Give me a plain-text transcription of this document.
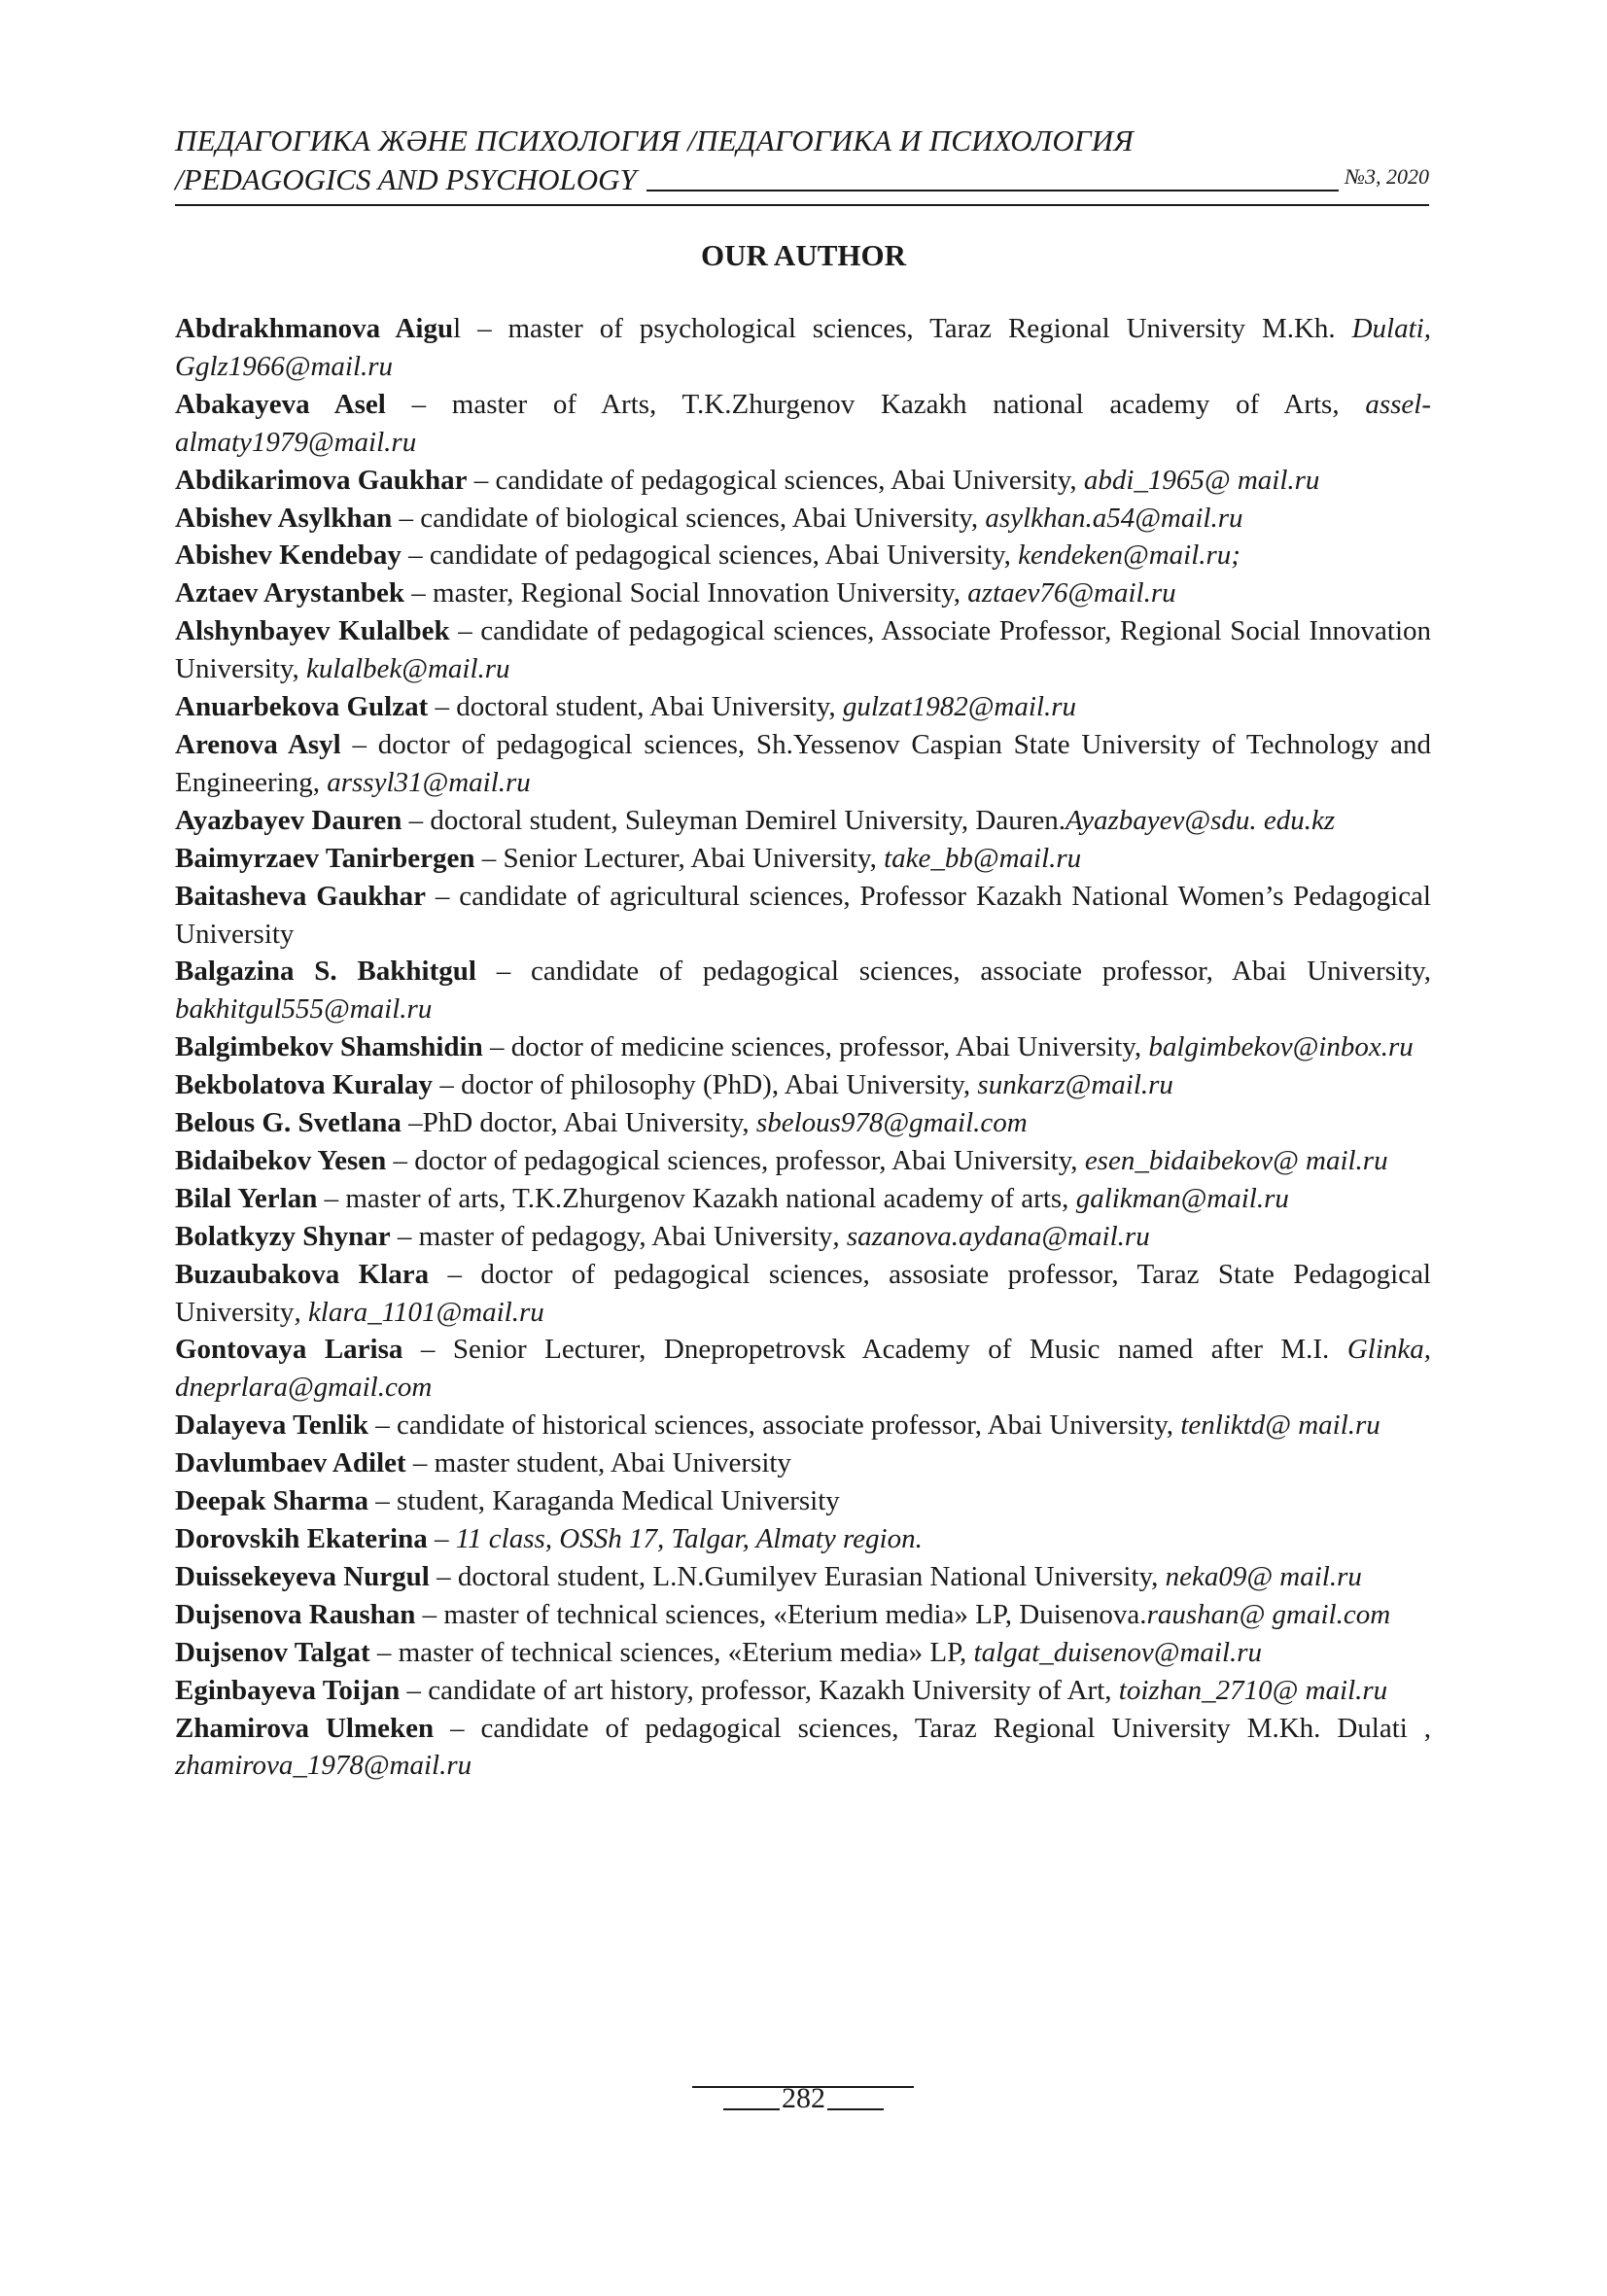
ПЕДАГОГИКА ЖӘНЕ ПСИХОЛОГИЯ /ПЕДАГОГИКА И ПСИХОЛОГИЯ
/PEDAGOGICS AND PSYCHOLOGY	№3, 2020
OUR AUTHOR

Abdrakhmanova Aigul – master of psychological sciences, Taraz Regional University M.Kh. Dulati, Gglz1966@mail.ru

Abakayeva Asel – master of Arts, T.K.Zhurgenov Kazakh national academy of Arts, assel-almaty1979@mail.ru

Abdikarimova Gaukhar – candidate of pedagogical sciences, Abai University, abdi_1965@ mail.ru

Abishev Asylkhan – candidate of biological sciences, Abai University, asylkhan.a54@mail.ru

Abishev Kendebay – candidate of pedagogical sciences, Abai University, kendeken@mail.ru;

Aztaev Arystanbek – master, Regional Social Innovation University, aztaev76@mail.ru

Alshynbayev Kulalbek – candidate of pedagogical sciences, Associate Professor, Regional Social Innovation University, kulalbek@mail.ru

Anuarbekova Gulzat – doctoral student, Abai University, gulzat1982@mail.ru

Arenova Asyl – doctor of pedagogical sciences, Sh.Yessenov Caspian State University of Technology and Engineering, arssyl31@mail.ru

Ayazbayev Dauren – doctoral student, Suleyman Demirel University, Dauren.Ayazbayev@sdu. edu.kz

Baimyrzaev Tanirbergen – Senior Lecturer, Abai University, take_bb@mail.ru

Baitasheva Gaukhar – candidate of agricultural sciences, Professor Kazakh National Women’s Pedagogical University

Balgazina S. Bakhitgul – candidate of pedagogical sciences, associate professor, Abai University, bakhitgul555@mail.ru

Balgimbekov Shamshidin – doctor of medicine sciences, professor, Abai University, balgimbekov@inbox.ru

Bekbolatova Kuralay – doctor of philosophy (PhD), Abai University, sunkarz@mail.ru

Belous G. Svetlana –PhD doctor, Abai University, sbelous978@gmail.com

Bidaibekov Yesen – doctor of pedagogical sciences, professor, Abai University, esen_bidaibekov@ mail.ru

Bilal Yerlan – master of arts, T.K.Zhurgenov Kazakh national academy of arts, galikman@mail.ru

Bolatkyzy Shynar – master of pedagogy, Abai University, sazanova.aydana@mail.ru

Buzaubakova Klara – doctor of pedagogical sciences, assosiate professor, Taraz State Pedagogical University, klara_1101@mail.ru

Gontovaya Larisa – Senior Lecturer, Dnepropetrovsk Academy of Music named after M.I. Glinka, dneprlara@gmail.com

Dalayeva Tenlik – candidate of historical sciences, associate professor, Abai University, tenliktd@ mail.ru

Davlumbaev Adilet – master student, Abai University

Deepak Sharma – student, Karaganda Medical University

Dorovskih Ekaterina – 11 class, OSSh 17, Talgar, Almaty region.

Duissekeyeva Nurgul – doctoral student, L.N.Gumilyev Eurasian National University, neka09@ mail.ru

Dujsenova Raushan – master of technical sciences, «Eterium media» LP, Duisenova.raushan@ gmail.com

Dujsenov Talgat – master of technical sciences, «Eterium media» LP, talgat_duisenov@mail.ru

Eginbayeva Toijan – candidate of art history, professor, Kazakh University of Art, toizhan_2710@ mail.ru

Zhamirova Ulmeken – candidate of pedagogical sciences, Taraz Regional University M.Kh. Dulati , zhamirova_1978@mail.ru

282
